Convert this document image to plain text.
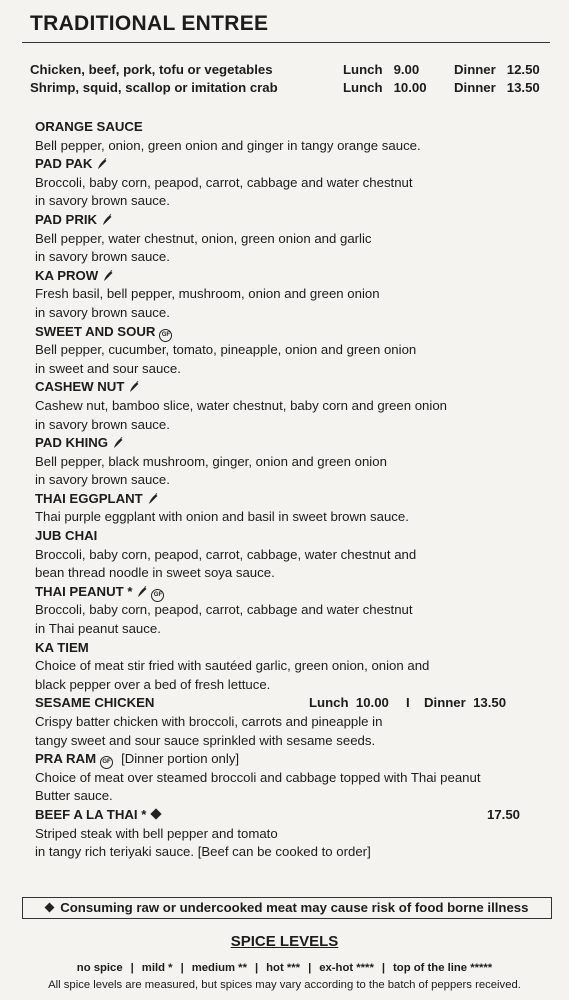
TRADITIONAL ENTREE
Chicken, beef, pork, tofu or vegetables	Lunch 9.00	Dinner 12.50
Shrimp, squid, scallop or imitation crab	Lunch 10.00 Dinner 13.50
ORANGE SAUCE
Bell pepper, onion, green onion and ginger in tangy orange sauce.
PAD PAK
Broccoli, baby corn, peapod, carrot, cabbage and water chestnut
in savory brown sauce.
PAD PRIK
Bell pepper, water chestnut, onion, green onion and garlic
in savory brown sauce.
KA PROW
Fresh basil, bell pepper, mushroom, onion and green onion
in savory brown sauce.
SWEET AND SOUR GF
Bell pepper, cucumber, tomato, pineapple, onion and green onion
in sweet and sour sauce.
CASHEW NUT
Cashew nut, bamboo slice, water chestnut, baby corn and green onion
in savory brown sauce.
PAD KHING
Bell pepper, black mushroom, ginger, onion and green onion
in savory brown sauce.
THAI EGGPLANT
Thai purple eggplant with onion and basil in sweet brown sauce.
JUB CHAI
Broccoli, baby corn, peapod, carrot, cabbage, water chestnut and
bean thread noodle in sweet soya sauce.
THAI PEANUT *	GF
Broccoli, baby corn, peapod, carrot, cabbage and water chestnut
in Thai peanut sauce.
KA TIEM
Choice of meat stir fried with sautéed garlic, green onion, onion and
black pepper over a bed of fresh lettuce.
SESAME CHICKEN	Lunch  10.00 I Dinner  13.50
Crispy batter chicken with broccoli, carrots and pineapple in
tangy sweet and sour sauce sprinkled with sesame seeds.
PRA RAM GF [Dinner portion only]
Choice of meat over steamed broccoli and cabbage topped with Thai peanut
Butter sauce.
BEEF A LA THAI *	17.50
Striped steak with bell pepper and tomato
in tangy rich teriyaki sauce. [Beef can be cooked to order]
Consuming raw or undercooked meat may cause risk of food borne illness
SPICE LEVELS
no spice | mild * | medium ** | hot *** | ex-hot **** | top of the line *****
All spice levels are measured, but spices may vary according to the batch of peppers received.
